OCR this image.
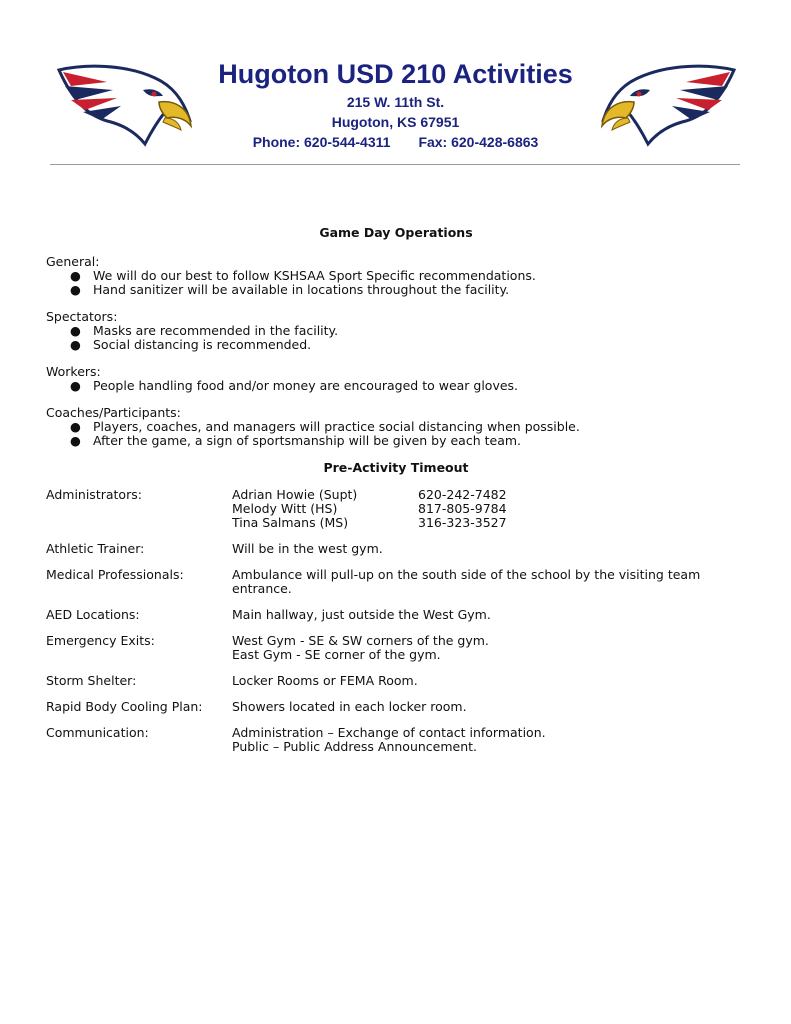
Hugoton USD 210 Activities
215 W. 11th St.
Hugoton, KS 67951
Phone: 620-544-4311 Fax: 620-428-6863
Game Day Operations
General:
● We will do our best to follow KSHSAA Sport Specific recommendations.
● Hand sanitizer will be available in locations throughout the facility.
Spectators:
● Masks are recommended in the facility.
● Social distancing is recommended.
Workers:
● People handling food and/or money are encouraged to wear gloves.
Coaches/Participants:
● Players, coaches, and managers will practice social distancing when possible.
● After the game, a sign of sportsmanship will be given by each team.
Pre-Activity Timeout
Administrators:	Adrian Howie (Supt)	620-242-7482
Melody Witt (HS)	817-805-9784
Tina Salmans (MS)	316-323-3527
Athletic Trainer:	Will be in the west gym.
Medical Professionals:	Ambulance will pull-up on the south side of the school by the visiting team entrance.
AED Locations:	Main hallway, just outside the West Gym.
Emergency Exits:	West Gym - SE & SW corners of the gym.
East Gym - SE corner of the gym.
Storm Shelter:	Locker Rooms or FEMA Room.
Rapid Body Cooling Plan:	Showers located in each locker room.
Communication:	Administration – Exchange of contact information.
Public – Public Address Announcement.
